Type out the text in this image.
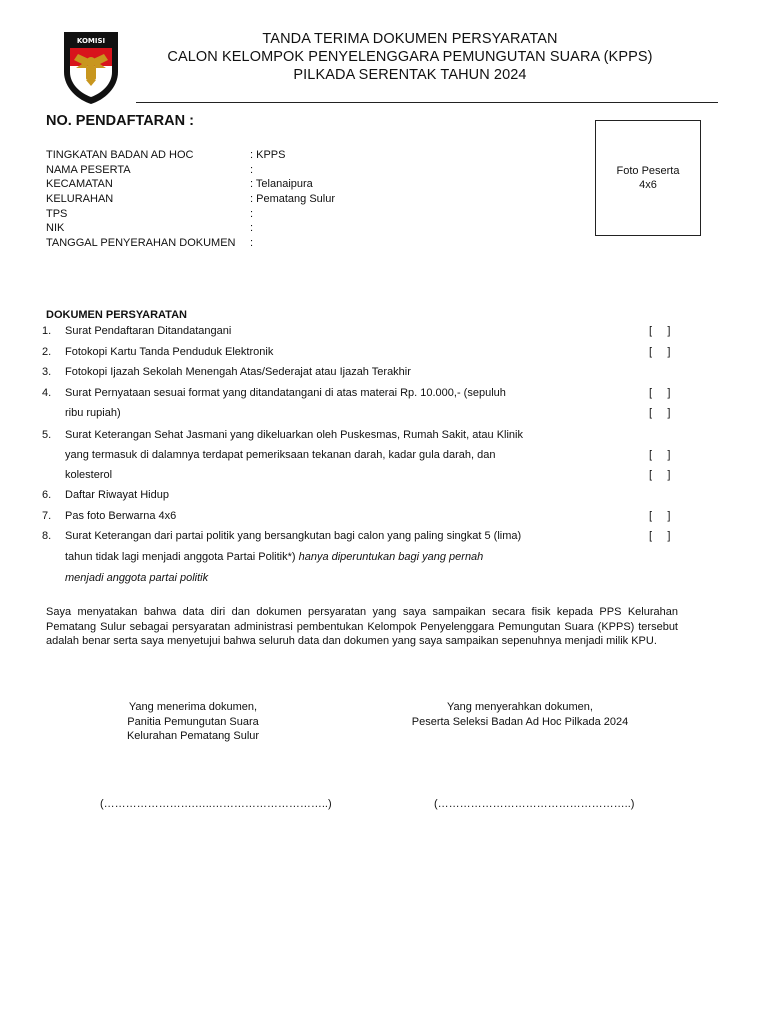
KOMISI	TANDA TERIMA DOKUMEN PERSYARATAN
CALON KELOMPOK PENYELENGGARA PEMUNGUTAN SUARA (KPPS)
PILKADA SERENTAK TAHUN 2024
NO. PENDAFTARAN :
Foto Peserta
4x6
TINGKATAN BADAN AD HOC	: KPPS
NAMA PESERTA	:
KECAMATAN	: Telanaipura
KELURAHAN	: Pematang Sulur
TPS	:
NIK	:
TANGGAL PENYERAHAN DOKUMEN :
DOKUMEN PERSYARATAN
1. Surat Pendaftaran Ditandatangani	[     ]
2. Fotokopi Kartu Tanda Penduduk Elektronik	[     ]
3. Fotokopi Ijazah Sekolah Menengah Atas/Sederajat atau Ijazah Terakhir
4. Surat Pernyataan sesuai format yang ditandatangani di atas materai Rp. 10.000,- (sepuluh	[     ]
ribu rupiah)	[     ]
5. Surat Keterangan Sehat Jasmani yang dikeluarkan oleh Puskesmas, Rumah Sakit, atau Klinik
yang termasuk di dalamnya terdapat pemeriksaan tekanan darah, kadar gula darah, dan	[     ]
kolesterol	[     ]
6. Daftar Riwayat Hidup
7. Pas foto Berwarna 4x6	[     ]
8. Surat Keterangan dari partai politik yang bersangkutan bagi calon yang paling singkat 5 (lima)	[     ]
tahun tidak lagi menjadi anggota Partai Politik*) hanya diperuntukan bagi yang pernah
menjadi anggota partai politik
Saya menyatakan bahwa data diri dan dokumen persyaratan yang saya sampaikan secara fisik kepada PPS Kelurahan Pematang Sulur sebagai persyaratan administrasi pembentukan Kelompok Penyelenggara Pemungutan Suara (KPPS) tersebut adalah benar serta saya menyetujui bahwa seluruh data dan dokumen yang saya sampaikan sepenuhnya menjadi milik KPU.
Yang menerima dokumen,
Panitia Pemungutan Suara
Kelurahan Pematang Sulur
Yang menyerahkan dokumen,
Peserta Seleksi Badan Ad Hoc Pilkada 2024
(…………………….…..…………………………..)	(……………………………………………..)
